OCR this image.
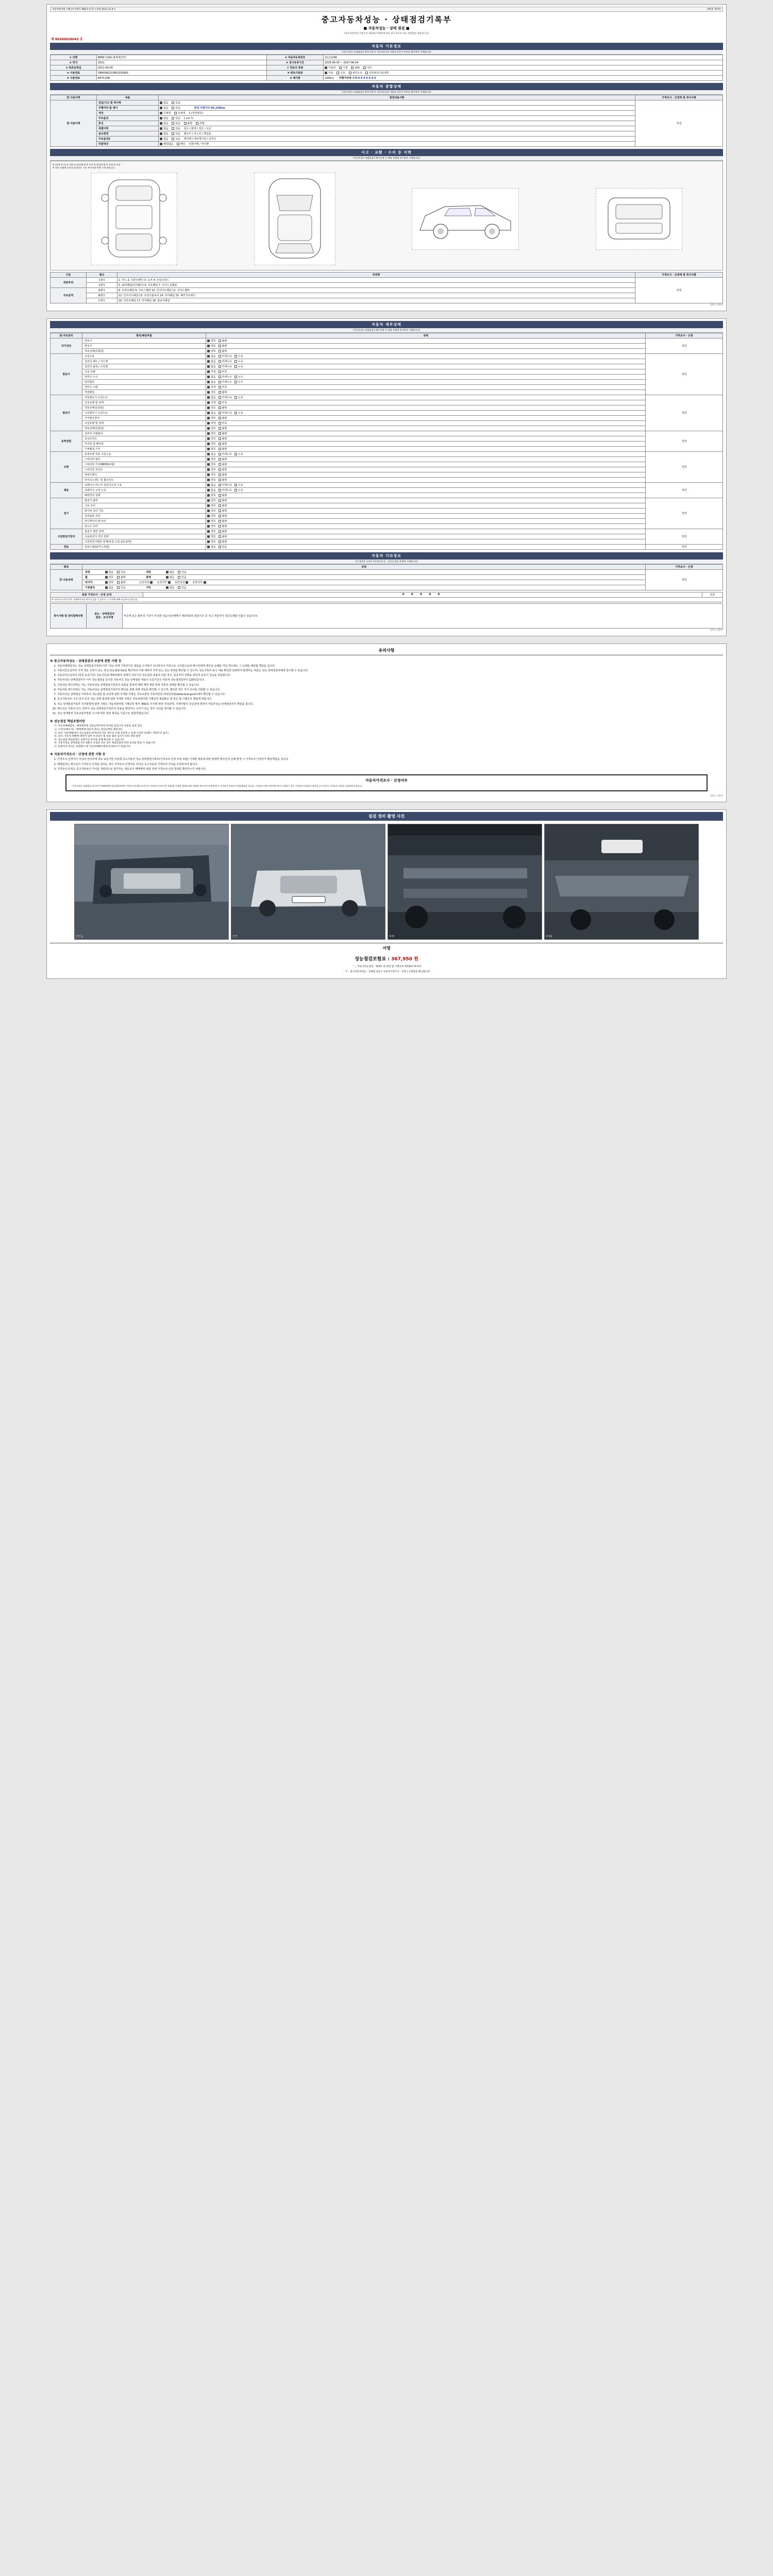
자동차관리법 시행규칙 [별지 제82호서식] <개정 2021.11.9.>	(3쪽중 제1쪽)
중고자동차성능 · 상태점검기록부
■ 자동차성능 · 상태 점검 ■
(자동차관리법 시행규칙 제120조제1항에 따른 중고자동차 성능·상태점검 내용입니다)
제 80260026043 호
자동차 기본정보
(자동차성능·상태점검자 확인사항 중 자동차등록증 내용과 같은지 여부를 확인하여 기재합니다)
① 차명	BMW 116d (4세대일부)	⑤ 자동차등록번호	21소1296
② 연식	2021	⑥ 검사유효기간	2025-06-05 ~ 2027-06-04
③ 최초등록일	2021-06-05	⑦ 연료의 종류	가솔린 디젤 LPG 기타
④ 사용연료	VBM2NG103M12D0083	⑧ 변속기종류	자동 수동 세미오토 무단변속기(CVT)
⑨ 사용연료	B47C20B	⑩ 배기량	1995cc 주행거리계 수치 0 0 0 0 0 0 0
자동차 종합상태
(자동차성능·상태점검자 확인사항 중 자동차등록증 내용과 같은지 여부를 확인하여 기재합니다)
⑮ 사용이력	내용	점검내용사항	가격조사 · 산정액 및 특이사항
⑮ 사용이력	전입/사고 및 특이력	없음 있음	적정
	주행거리 및 계기	없음 있음 현재 주행거리 96,230km	
	색상	무채색 유채색 1 (색상번호)	
	주요옵션	없음 있음 L cm %	
	튜닝	없음 있음 불법 적법	
	특별이력	없음 있음 침수 / 화재 / 전손 / 도난	
	용도변경	없음 있음 렌트카 / 리스차 / 영업용	
	주요옵션2	없음 있음 에어백 / 내비게이션 / 선루프	
	리콜대상	해당없음 해당 리콜이행 / 미이행	
사고 · 교환 · 수리 등 이력
(자동차성능·상태점검자 확인사항 중 해당 부위에 표시하여 기재합니다)
※ (앞에 표시) ① 교환 ② 판금/용접 ③ 부식 ④ 흠집/긁힘 ⑤ 요철 ⑥ 손상
※ 위의 상태에 속하지 않더라도 기타 특이사항 란에 기재 바랍니다
구분	랭크	부위명	가격조사 · 산정액 및 특이사항
외판부위	1랭크	1. 후드 2. 프론트펜더 3. 도어 4. 트렁크리드	적정
	2랭크	5. 쿼터패널(리어펜더) 6. 루프패널 7. 사이드실패널	
주요골격	A랭크	8. 프론트패널 9. 크로스멤버 10. 인사이드패널 11. 사이드멤버	
	B랭크	12. 인사이드패널 13. 트렁크플로어 14. 리어패널 15. 패키지트레이	
	C랭크	16. 프론트패널 17. 리어패널 18. 플로어패널	
(3쪽중 제1쪽)
자동차 세부상태
(자동차성능·상태점검자 확인사항 중 해당 부위에 표시하여 기재합니다)
⑯ 주요장치	항목/해당부품	상태	가격조사 · 산정
자기진단	원동기	양호 불량	적정
	변속기	양호 불량	
	작동상태(공회전)	양호 불량	
원동기	오일누유	없음 미세누유 누유	적정
	실린더 헤드 / 가스켓	없음 미세누유 누유	
	실린더 블록 / 오일팬	없음 미세누유 누유	
	오일 유량	적정 부족	
	냉각수 누수	없음 미세누수 누수	
	워터펌프	없음 미세누수 누수	
	냉각수 수량	적정 부족	
	커먼레일	양호 불량	
변속기	자동변속기 오일누유	없음 미세누유 누유	적정
	오일유량 및 상태	적정 부족	
	작동상태(공회전)	양호 불량	
	수동변속기 오일누유	없음 미세누유 누유	
	기어변속장치	양호 불량	
	오일유량 및 상태	적정 부족	
	작동상태(공회전)	양호 불량	
동력전달	클러치 어셈블리	양호 불량	적정
	등속조인트	양호 불량	
	추진축 및 베어링	양호 불량	
	디퍼렌셜 기어	양호 불량	
조향	동력조향 작동 오일누유	없음 미세누유 누유	적정
	스티어링 펌프	양호 불량	
	스티어링 기어(MDPS포함)	양호 불량	
	스티어링 조인트	양호 불량	
	파워크랭크	양호 불량	
	타이로드엔드 및 볼조인트	양호 불량	
제동	브레이크 마스터 실린더오일 누유	없음 미세누유 누유	적정
	브레이크 오일 누유	없음 미세누유 누유	
	배력장치 상태	양호 불량	
전기	발전기 출력	양호 불량	적정
	시동 모터	양호 불량	
	와이퍼 모터 기능	양호 불량	
	실내송풍 모터	양호 불량	
	라디에이터 팬 모터	양호 불량	
	윈도우 모터	양호 불량	
고전원전기장치	충전구 절연 상태	양호 불량	적정
	구동축전지 격리 상태	양호 불량	
	고전원전기배선 상태(피복,고정,접속상태)	양호 불량	
연료	연료누출(LP가스포함)	없음 있음	적정
자동차 기타정보
(⑰ 항목은 소비자 자동차인도금 · 선급금 환급 관계에 기재합니다)
항목	상태	가격조사 · 산정
⑰ 사용상태	외장 없음 있음 내장 없음 있음	적정
	휠 양호 불량 광택 없음 있음	
	타이어 양호 불량 운전석전 운전석후 동반석전 동반석후	
	기본품목 없음 있음 기타 없음 있음	
최종 가격조사 · 산정 금액	0 0 0 0 0	만원
※ 가격조사·산정가격은 실매매가격과 차이가 있을 수 있으며, 그 가격에 대해 보증하지 않습니다.
특이사항 및 권리침해사항	
성능 · 상태점검자
점검 · 조사자명
	비공개 또는 할부의 기간이 부족한 있습니다(매매시 제3자와의 점검기간 중 사고 부분까지 원금도래와 인출수 있습니다)
(3쪽중 제2쪽)
유의사항
※ 중고자동차성능 · 상태점검자 보증에 관한 사항 등
1. 자동차매매업자는 성능·상태점검기록부(이하 "성능·상태 기록부")의 내용을 고지하지 아니하거나 거짓으로 고지함으로써 매수인에게 재산상 손해를 끼친 경우에는 그 손해를 배상할 책임을 집니다.
2. 자동차인도일부터 가격 정보 오류가 있는 경우(성능점검내용을 확인하여 이에 대하여 가격 또는 성능·상태를 확인할 수 있으며, 성능기록부 표시 내용 확인과 관련하여 발생하는 비용은 성능·상태점검자에게 청구할 수 있습니다.
3. 자동차인도일부터 (특히 보증기간) 성능기록과 매매차량의 상태가 다르거나 성능점검 내용과 다를 경우, 보증처리 진행을 위하여 보증이 성능을 적용합니다.
4. 자동차성능·상태점검자가 이미 성능점검을 실시한 자동차의 성능·상태점검 내용의 유효기간은 자동차 성능점검일부터 120일입니다.
5. 자동차를 매수하려는 자는 자동차성능·상태점검기록부의 내용을 통하여 매매 계약 체결 전에 자동차 상태를 확인할 수 있습니다.
6. 자동차를 매수하려는 자는 자동차성능·상태점검기록부의 확인을 통해 차량 정보를 확인할 수 있으며, 필요한 경우 추가 조사를 의뢰할 수 있습니다.
7. 자동차성능·상태점검 기록부의 성능점검 및 보증에 관한 자세한 사항은 국토교통부 자동차민원 대국민포털(www.ecar.go.kr)에서 확인할 수 있습니다.
8. 중고자동차의 구조·장치 등의 성능·상태 점검에 대한 자세한 사항은 자동차관리법 시행규칙 제120조 및 같은 법 시행규칙 별표에 따릅니다.
9. 성능·상태점검기록부 작성방법에 관한 사항은 자동차관리법 시행규칙 별지 제82호 서식에 따라 작성되며, 기재사항의 진실성에 대하여 자동차성능·상태점검자가 책임을 집니다.
10. 매수인은 자동차 인도 전까지 성능·상태점검기록부의 내용을 확인하고 이의가 있는 경우 이의를 제기할 수 있습니다.
11. 성능·상태점검 국토교통부장관 고시에 따른 점검 항목을 기준으로 점검하였습니다.
※ 성능점검 책임보험이란
가. 자동차매매업자 : 매매계약에 상당금액이여야 위치한 점검기록 부분을 점검 전임
나. 소비자(매수자) : 매매계약(자동차 취득) 상당금액의 최대 한도
다. 보상 기준(해당하여 성능점검과 현저하게 다른 경우의 손해 상당액 + 실제 수리비 등(별도 계약조건 참조)
라. 검사: 자동차 현황에 대하여 일부 유상검사 및 보증 범위 검사가 따라 상태 설명
마. 성능점검 책임보험은 보험가입 증서를 통해 확인할 수 있습니다.
바. 자동차성능·상태점검기록 내용이 사실과 다른 경우 책임보험에 따라 보상을 받을 수 있습니다.
사. 보험처리 문의는 보험회사 및 자동차매매조합에 문의하시기 바랍니다.
※ 자동차가격조사 · 산정에 관한 사항 등
1. 가격조사·산정자가 사실과 상이하게 정보 보증기한 사실에 중고자동차 성능·상태점검기록부(가격조사·산정 부분 포함) 기재한 내용에 따라 발생한 매수인의 손해 발생 시 가격조사·산정자가 배상책임을 집니다.
2. 매매업자는 매수인이 가격조사·산정을 원하는 경우 가격조사·산정자로 하여금 중고자동차 가격조사·산정을 요청하여야 합니다.
3. 가격조사·산정은 중고자동차의 가치를 객관적으로 평가하는 제도로서 매매계약 체결 전에 가격조사·산정 결과를 확인하시기 바랍니다.
자동차가격조사 · 산정여부
「자동차성능·상태점검 실시자가 매매계약에 상당금액이여야 가격조사·산정(중고자동차 가격조사·산정 부분 포함)에 기재한 내용에 따라 발생한 매수인의 손해 발생 시 가격조사·산정자가 배상책임을 집니다. 가격조사·산정 전에 매수인이 요청하는 경우 가격조사·산정자로 하여금 중고자동차 가격조사·산정을 요청하여야 합니다.」
(3쪽중 제3쪽)
점검 정비 촬영 사진
엔진룸	전면	하체	하체2
서명
성능점검보험료 : 367,950 원
「·」자동차성능점검 · 매매조 및 관련 법 시행규칙 제120조에 따라
「 Y 」중고자동차성능 · 상태점 검표 [ 자동차가격조사 · 산정 ] 사업장을 확인합니다.
